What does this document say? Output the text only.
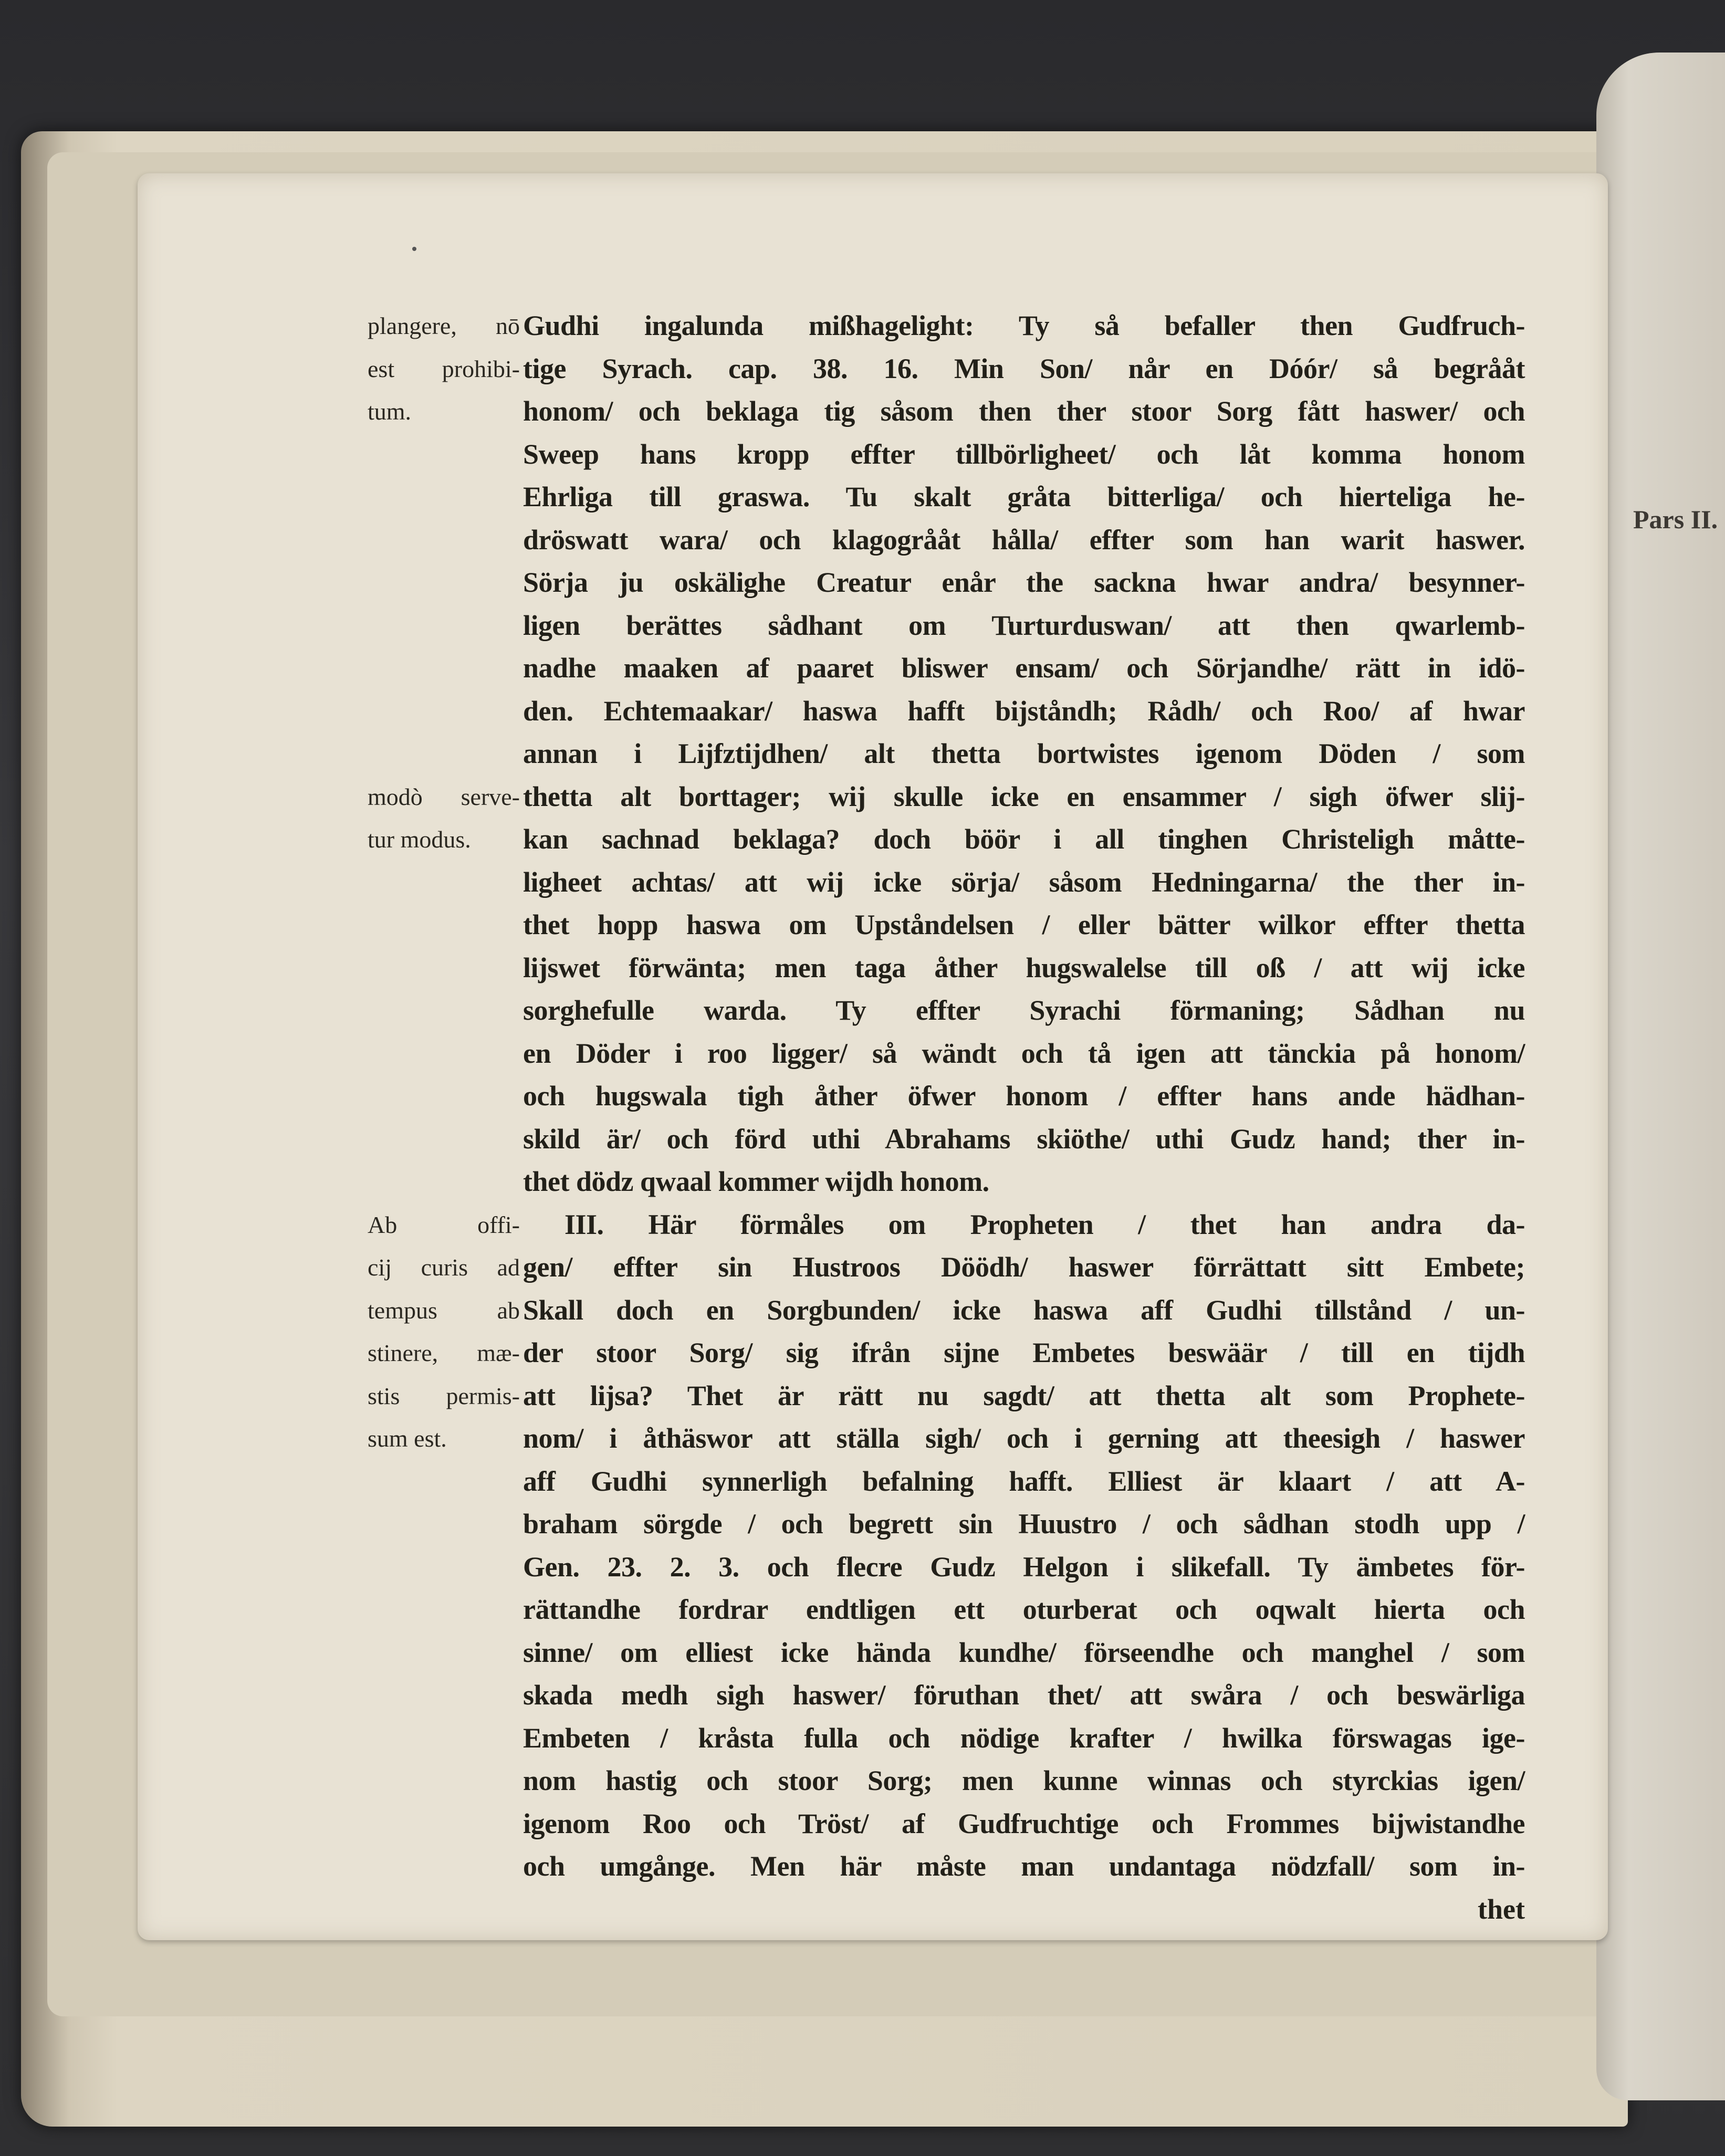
Pars II.
Gudhi ingalunda mißhagelight: Ty så befaller then Gudfruch-
tige Syrach. cap. 38. 16. Min Son/ når en Dóór/ så begrååt
honom/ och beklaga tig såsom then ther stoor Sorg fått haswer/ och
Sweep hans kropp effter tillbörligheet/ och låt komma honom
Ehrliga till graswa. Tu skalt gråta bitterliga/ och hierteliga he-
dröswatt wara/ och klagogrååt hålla/ effter som han warit haswer.
Sörja ju oskälighe Creatur enår the sackna hwar andra/ besynner-
ligen berättes sådhant om Turturduswan/ att then qwarlemb-
nadhe maaken af paaret bliswer ensam/ och Sörjandhe/ rätt in idö-
den. Echtemaakar/ haswa hafft bijståndh; Rådh/ och Roo/ af hwar
annan i Lijfztijdhen/ alt thetta bortwistes igenom Döden / som
thetta alt borttager; wij skulle icke en ensammer / sigh öfwer slij-
kan sachnad beklaga? doch böör i all tinghen Christeligh måtte-
ligheet achtas/ att wij icke sörja/ såsom Hedningarna/ the ther in-
thet hopp haswa om Upståndelsen / eller bätter wilkor effter thetta
lijswet förwänta; men taga åther hugswalelse till oß / att wij icke
sorghefulle warda. Ty effter Syrachi förmaning; Sådhan nu
en Döder i roo ligger/ så wändt och tå igen att tänckia på honom/
och hugswala tigh åther öfwer honom / effter hans ande hädhan-
skild är/ och förd uthi Abrahams skiöthe/ uthi Gudz hand; ther in-
thet dödz qwaal kommer wijdh honom.
III. Här förmåles om Propheten / thet han andra da-
gen/ effter sin Hustroos Döödh/ haswer förrättatt sitt Embete;
Skall doch en Sorgbunden/ icke haswa aff Gudhi tillstånd / un-
der stoor Sorg/ sig ifrån sijne Embetes beswäär / till en tijdh
att lijsa? Thet är rätt nu sagdt/ att thetta alt som Prophete-
nom/ i åthäswor att ställa sigh/ och i gerning att theesigh / haswer
aff Gudhi synnerligh befalning hafft. Elliest är klaart / att A-
braham sörgde / och begrett sin Huustro / och sådhan stodh upp /
Gen. 23. 2. 3. och flecre Gudz Helgon i slikefall. Ty ämbetes för-
rättandhe fordrar endtligen ett oturberat och oqwalt hierta och
sinne/ om elliest icke hända kundhe/ förseendhe och manghel / som
skada medh sigh haswer/ föruthan thet/ att swåra / och beswärliga
Embeten / kråsta fulla och nödige krafter / hwilka förswagas ige-
nom hastig och stoor Sorg; men kunne winnas och styrckias igen/
igenom Roo och Tröst/ af Gudfruchtige och Frommes bijwistandhe
och umgånge. Men här måste man undantaga nödzfall/ som in-
thet
plangere, nō
est prohibi-
tum.
modò serve-
tur modus.
Ab offi-
cij curis ad
tempus ab
stinere, mæ-
stis permis-
sum est.
